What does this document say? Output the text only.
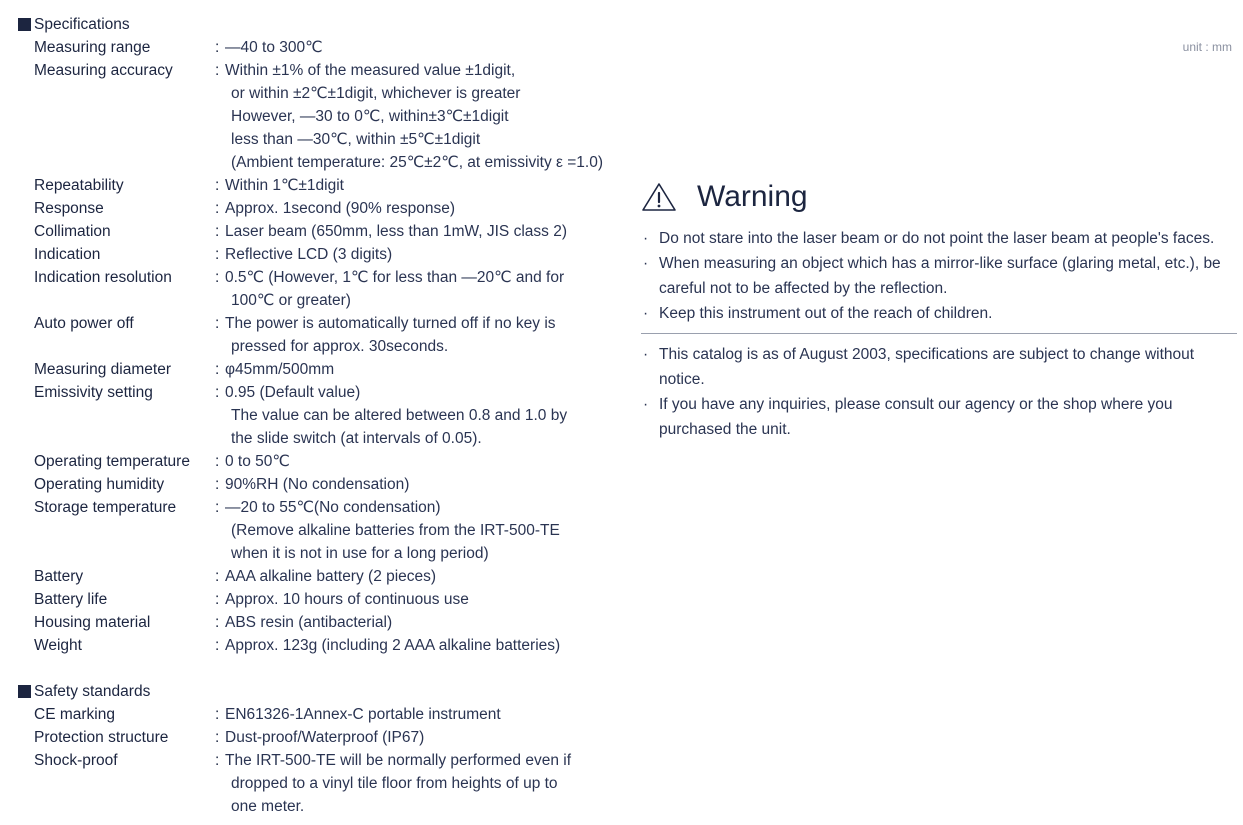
Specifications
Measuring range	: —40 to 300℃
Measuring accuracy	: Within ±1% of the measured value ±1digit,
or within ±2℃±1digit, whichever is greater
However, —30 to 0℃, within±3℃±1digit
less than —30℃, within ±5℃±1digit
(Ambient temperature: 25℃±2℃, at emissivity ε =1.0)
Repeatability	: Within 1℃±1digit
Response	: Approx. 1second (90% response)
Collimation	: Laser beam (650mm, less than 1mW, JIS class 2)
Indication	: Reflective LCD (3 digits)
Indication resolution	: 0.5℃ (However, 1℃ for less than —20℃ and for
100℃ or greater)
Auto power off	: The power is automatically turned off if no key is
pressed for approx. 30seconds.
Measuring diameter	: φ45mm/500mm
Emissivity setting	: 0.95 (Default value)
The value can be altered between 0.8 and 1.0 by
the slide switch (at intervals of 0.05).
Operating temperature	: 0 to 50℃
Operating humidity	: 90%RH (No condensation)
Storage temperature	: —20 to 55℃(No condensation)
(Remove alkaline batteries from the IRT-500-TE
when it is not in use for a long period)
Battery	: AAA alkaline battery (2 pieces)
Battery life	: Approx. 10 hours of continuous use
Housing material	: ABS resin (antibacterial)
Weight	: Approx. 123g (including 2 AAA alkaline batteries)
Safety standards
CE marking	: EN61326-1Annex-C portable instrument
Protection structure	: Dust-proof/Waterproof (IP67)
Shock-proof	: The IRT-500-TE will be normally performed even if
dropped to a vinyl tile floor from heights of up to
one meter.
unit : mm
Warning
· Do not stare into the laser beam or do not point the laser beam at people's faces.
· When measuring an object which has a mirror-like surface (glaring metal, etc.), be careful not to be affected by the reflection.
· Keep this instrument out of the reach of children.
· This catalog is as of August 2003, specifications are subject to change without notice.
· If you have any inquiries, please consult our agency or the shop where you purchased the unit.
